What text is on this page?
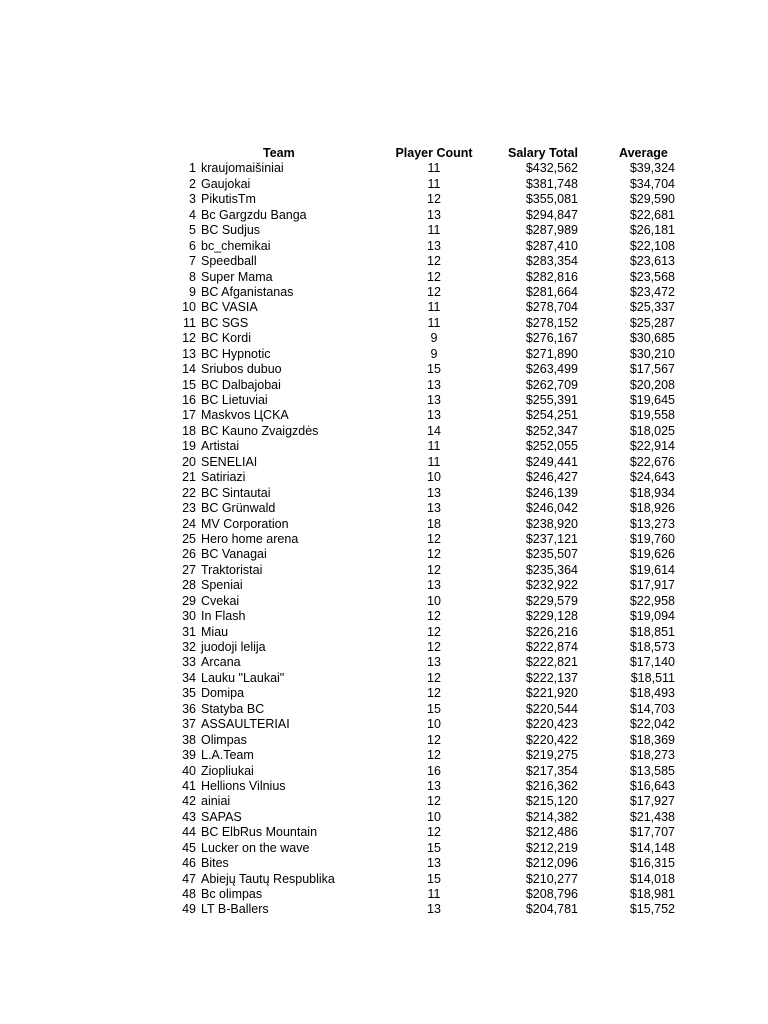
Team	Player Count	Salary Total	Average
1 kraujomaišiniai	11	$432,562	$39,324
2 Gaujokai	11	$381,748	$34,704
3 PikutisTm	12	$355,081	$29,590
4 Bc Gargzdu Banga	13	$294,847	$22,681
5 BC Sudjus	11	$287,989	$26,181
6 bc_chemikai	13	$287,410	$22,108
7 Speedball	12	$283,354	$23,613
8 Super Mama	12	$282,816	$23,568
9 BC Afganistanas	12	$281,664	$23,472
10 BC VASIA	11	$278,704	$25,337
11 BC SGS	11	$278,152	$25,287
12 BC Kordi	9	$276,167	$30,685
13 BC Hypnotic	9	$271,890	$30,210
14 Sriubos dubuo	15	$263,499	$17,567
15 BC Dalbajobai	13	$262,709	$20,208
16 BC Lietuviai	13	$255,391	$19,645
17 Maskvos ЦCKA	13	$254,251	$19,558
18 BC Kauno Zvaigzdės	14	$252,347	$18,025
19 Artistai	11	$252,055	$22,914
20 SENELIAI	11	$249,441	$22,676
21 Satiriazi	10	$246,427	$24,643
22 BC Sintautai	13	$246,139	$18,934
23 BC Grünwald	13	$246,042	$18,926
24 MV Corporation	18	$238,920	$13,273
25 Hero home arena	12	$237,121	$19,760
26 BC Vanagai	12	$235,507	$19,626
27 Traktoristai	12	$235,364	$19,614
28 Speniai	13	$232,922	$17,917
29 Cvekai	10	$229,579	$22,958
30 In Flash	12	$229,128	$19,094
31 Miau	12	$226,216	$18,851
32 juodoji lelija	12	$222,874	$18,573
33 Arcana	13	$222,821	$17,140
34 Lauku "Laukai"	12	$222,137	$18,511
35 Domipa	12	$221,920	$18,493
36 Statyba BC	15	$220,544	$14,703
37 ASSAULTERIAI	10	$220,423	$22,042
38 Olimpas	12	$220,422	$18,369
39 L.A.Team	12	$219,275	$18,273
40 Ziopliukai	16	$217,354	$13,585
41 Hellions Vilnius	13	$216,362	$16,643
42 ainiai	12	$215,120	$17,927
43 SAPAS	10	$214,382	$21,438
44 BC ElbRus Mountain	12	$212,486	$17,707
45 Lucker on the wave	15	$212,219	$14,148
46 Bites	13	$212,096	$16,315
47 Abiejų Tautų Respublika	15	$210,277	$14,018
48 Bc olimpas	11	$208,796	$18,981
49 LT B-Ballers	13	$204,781	$15,752
